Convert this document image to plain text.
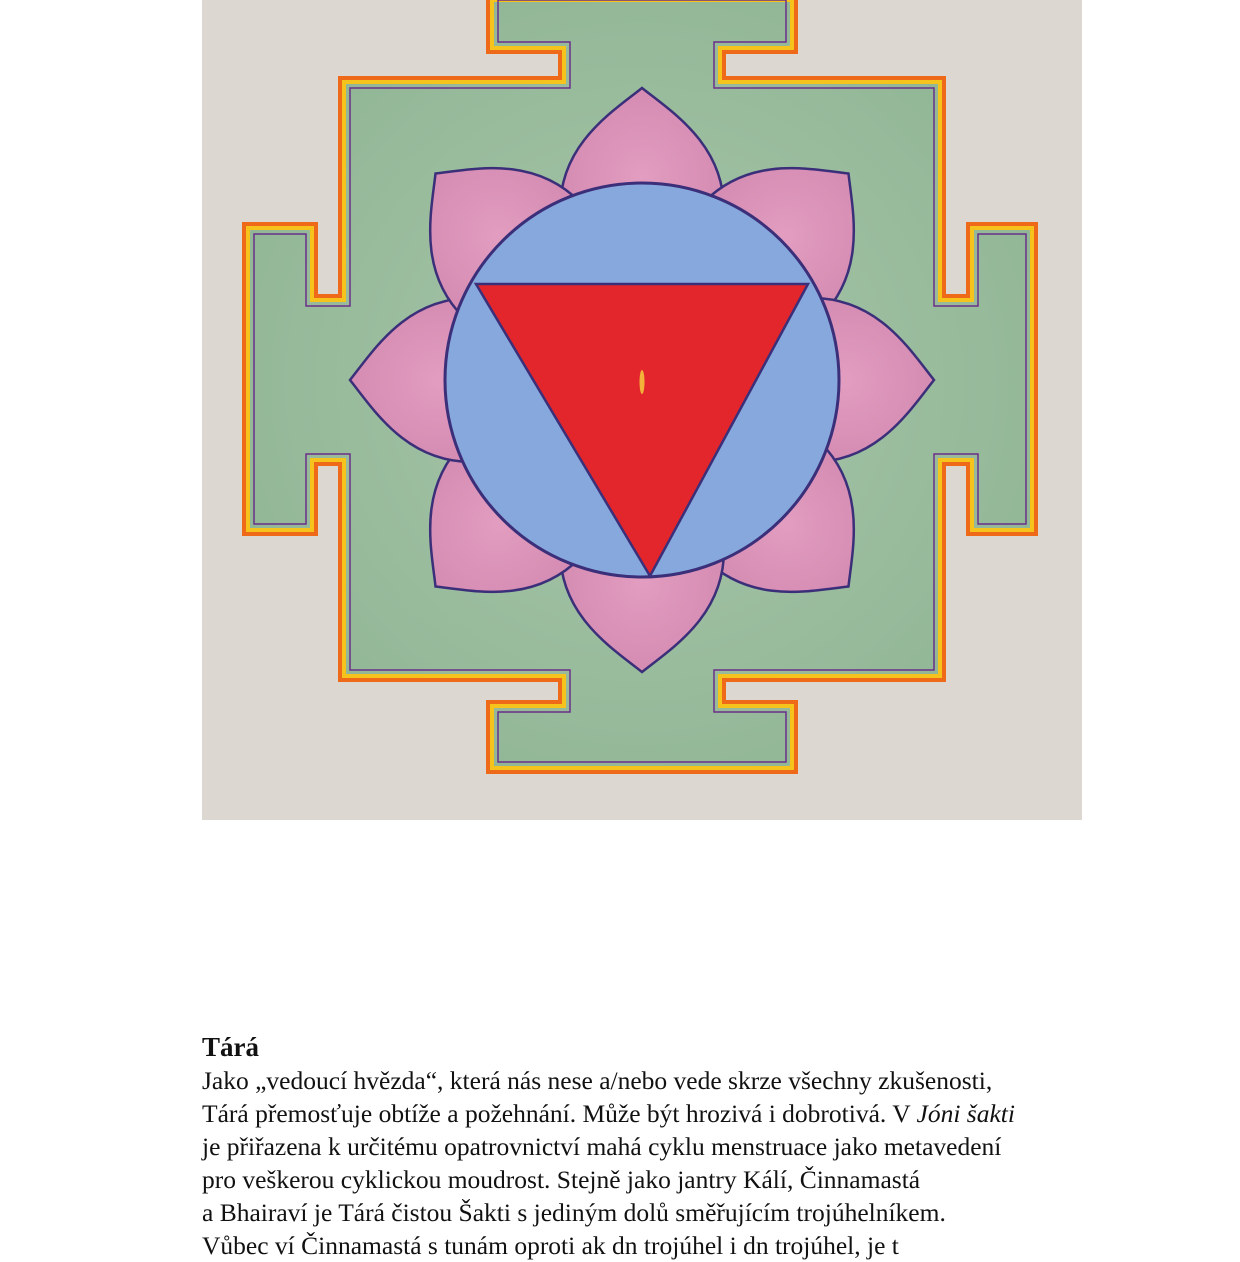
Tárá

Jako „vedoucí hvězda“, která nás nese a/nebo vede skrze všechny zkušenosti,

Tárá přemosťuje obtíže a požehnání. Může být hrozivá i dobrotivá. V Jóni šakti

je přiřazena k určitému opatrovnictví mahá cyklu menstruace jako metavedení

pro veškerou cyklickou moudrost. Stejně jako jantry Kálí, Činnamastá

a Bhairaví je Tárá čistou Šakti s jediným dolů směřujícím trojúhelníkem.

Vůbec ví Činnamastá s tunám oproti ak dn trojúhel i dn trojúhel, je t
